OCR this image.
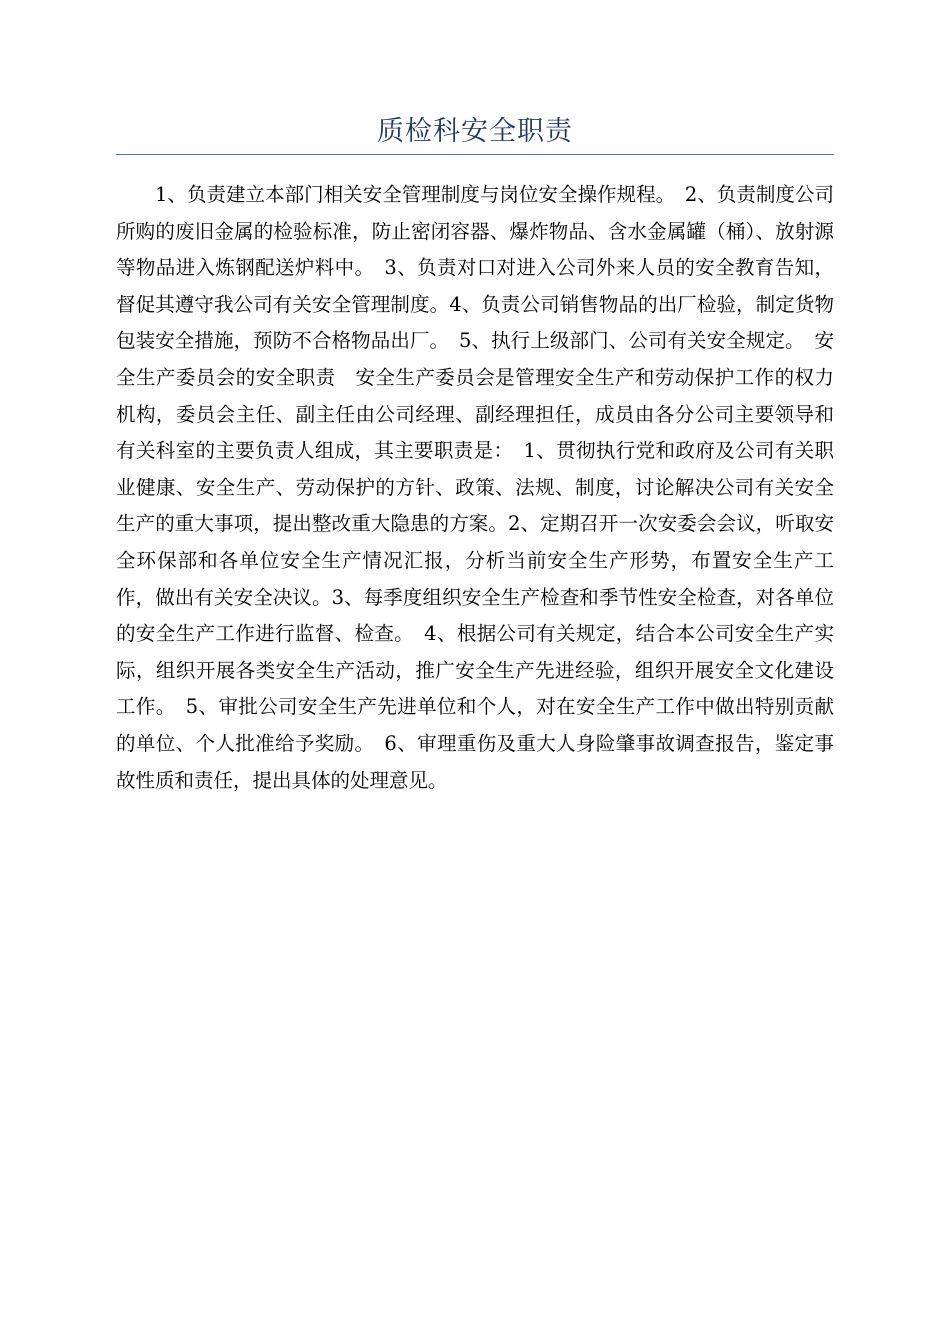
质检科安全职责

1、负责建立本部门相关安全管理制度与岗位安全操作规程。　2、负责制度公司所购的废旧金属的检验标准，防止密闭容器、爆炸物品、含水金属罐（桶）、放射源等物品进入炼钢配送炉料中。　3、负责对口对进入公司外来人员的安全教育告知，督促其遵守我公司有关安全管理制度。4、负责公司销售物品的出厂检验，制定货物包装安全措施，预防不合格物品出厂。　5、执行上级部门、公司有关安全规定。　安全生产委员会的安全职责　安全生产委员会是管理安全生产和劳动保护工作的权力机构，委员会主任、副主任由公司经理、副经理担任，成员由各分公司主要领导和有关科室的主要负责人组成，其主要职责是：　1、贯彻执行党和政府及公司有关职业健康、安全生产、劳动保护的方针、政策、法规、制度，讨论解决公司有关安全生产的重大事项，提出整改重大隐患的方案。2、定期召开一次安委会会议，听取安全环保部和各单位安全生产情况汇报，分析当前安全生产形势，布置安全生产工作，做出有关安全决议。3、每季度组织安全生产检查和季节性安全检查，对各单位的安全生产工作进行监督、检查。　4、根据公司有关规定，结合本公司安全生产实际，组织开展各类安全生产活动，推广安全生产先进经验，组织开展安全文化建设工作。　5、审批公司安全生产先进单位和个人，对在安全生产工作中做出特别贡献的单位、个人批准给予奖励。　6、审理重伤及重大人身险肇事故调查报告，鉴定事故性质和责任，提出具体的处理意见。
